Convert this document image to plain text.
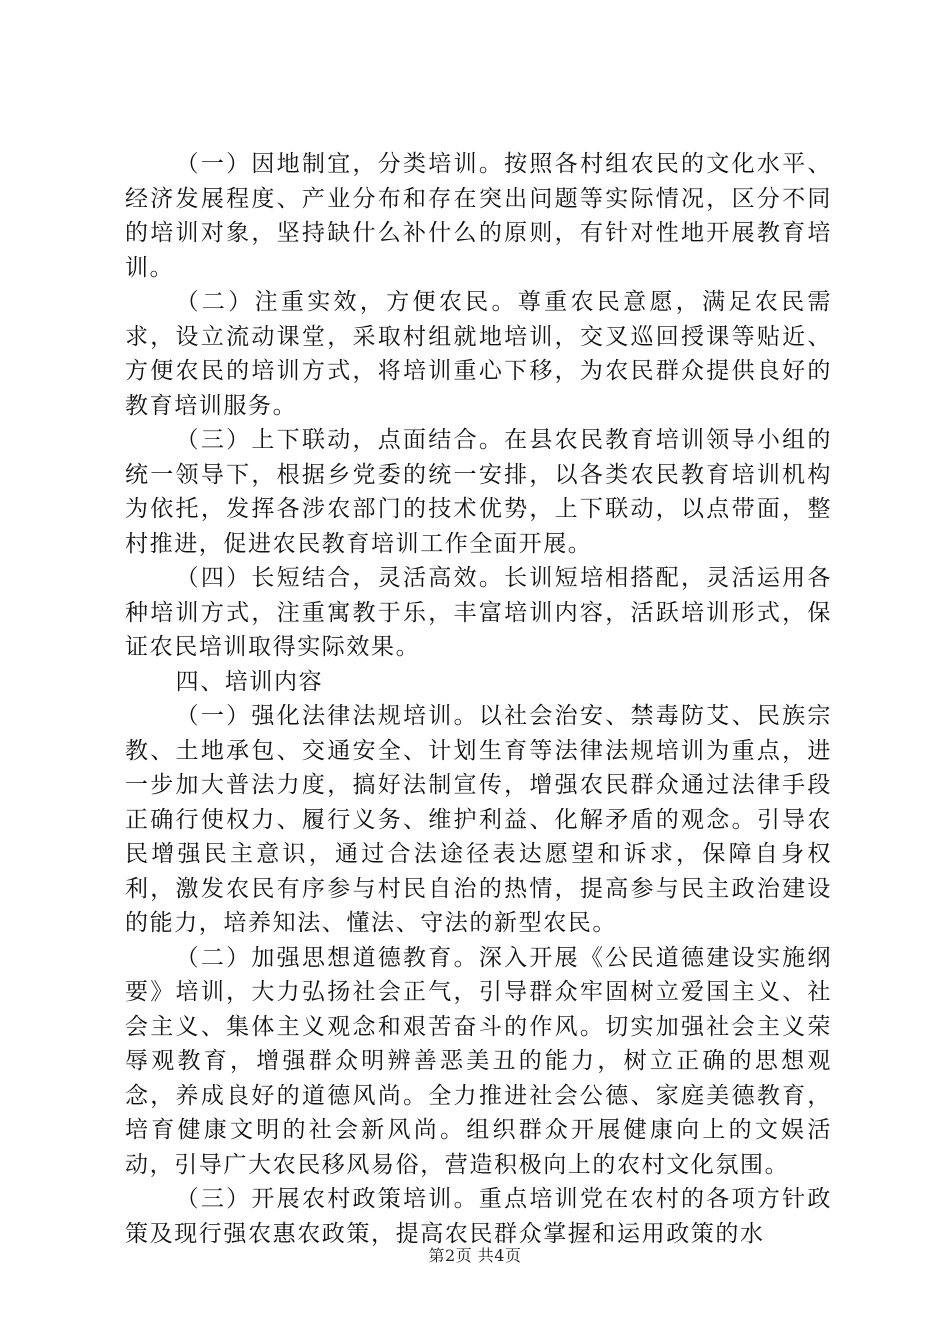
（一）因地制宜，分类培训。按照各村组农民的文化水平、经济发展程度、产业分布和存在突出问题等实际情况，区分不同的培训对象，坚持缺什么补什么的原则，有针对性地开展教育培训。

（二）注重实效，方便农民。尊重农民意愿，满足农民需求，设立流动课堂，采取村组就地培训，交叉巡回授课等贴近、方便农民的培训方式，将培训重心下移，为农民群众提供良好的教育培训服务。

（三）上下联动，点面结合。在县农民教育培训领导小组的统一领导下，根据乡党委的统一安排，以各类农民教育培训机构为依托，发挥各涉农部门的技术优势，上下联动，以点带面，整村推进，促进农民教育培训工作全面开展。

（四）长短结合，灵活高效。长训短培相搭配，灵活运用各种培训方式，注重寓教于乐，丰富培训内容，活跃培训形式，保证农民培训取得实际效果。

四、培训内容

（一）强化法律法规培训。以社会治安、禁毒防艾、民族宗教、土地承包、交通安全、计划生育等法律法规培训为重点，进一步加大普法力度，搞好法制宣传，增强农民群众通过法律手段正确行使权力、履行义务、维护利益、化解矛盾的观念。引导农民增强民主意识，通过合法途径表达愿望和诉求，保障自身权利，激发农民有序参与村民自治的热情，提高参与民主政治建设的能力，培养知法、懂法、守法的新型农民。

（二）加强思想道德教育。深入开展《公民道德建设实施纲要》培训，大力弘扬社会正气，引导群众牢固树立爱国主义、社会主义、集体主义观念和艰苦奋斗的作风。切实加强社会主义荣辱观教育，增强群众明辨善恶美丑的能力，树立正确的思想观念，养成良好的道德风尚。全力推进社会公德、家庭美德教育，培育健康文明的社会新风尚。组织群众开展健康向上的文娱活动，引导广大农民移风易俗，营造积极向上的农村文化氛围。

（三）开展农村政策培训。重点培训党在农村的各项方针政策及现行强农惠农政策，提高农民群众掌握和运用政策的水

第2页 共4页
